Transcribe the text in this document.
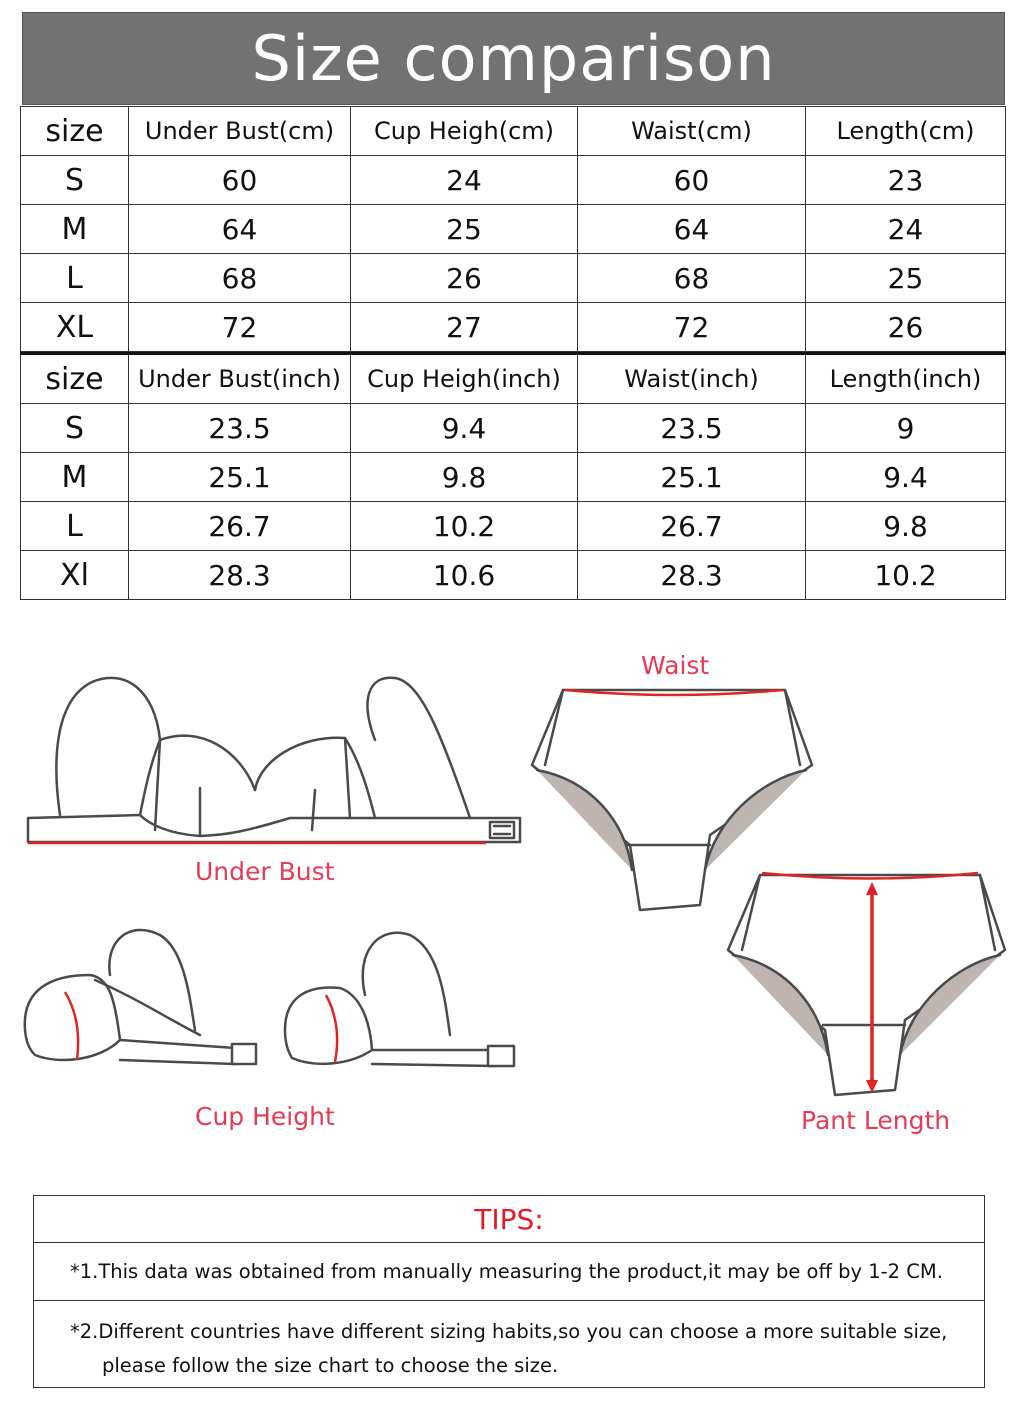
Size comparison
size	Under Bust(cm)	Cup Heigh(cm)	Waist(cm)	Length(cm)
S	60	24	60	23
M	64	25	64	24
L	68	26	68	25
XL	72	27	72	26
size	Under Bust(inch)	Cup Heigh(inch)	Waist(inch)	Length(inch)
S	23.5	9.4	23.5	9
M	25.1	9.8	25.1	9.4
L	26.7	10.2	26.7	9.8
Xl	28.3	10.6	28.3	10.2
Under Bust
Cup Height
Waist
Pant Length
TIPS:
*1.This data was obtained from manually measuring the product,it may be off by 1-2 CM.
*2.Different countries have different sizing habits,so you can choose a more suitable size,
please follow the size chart to choose the size.
